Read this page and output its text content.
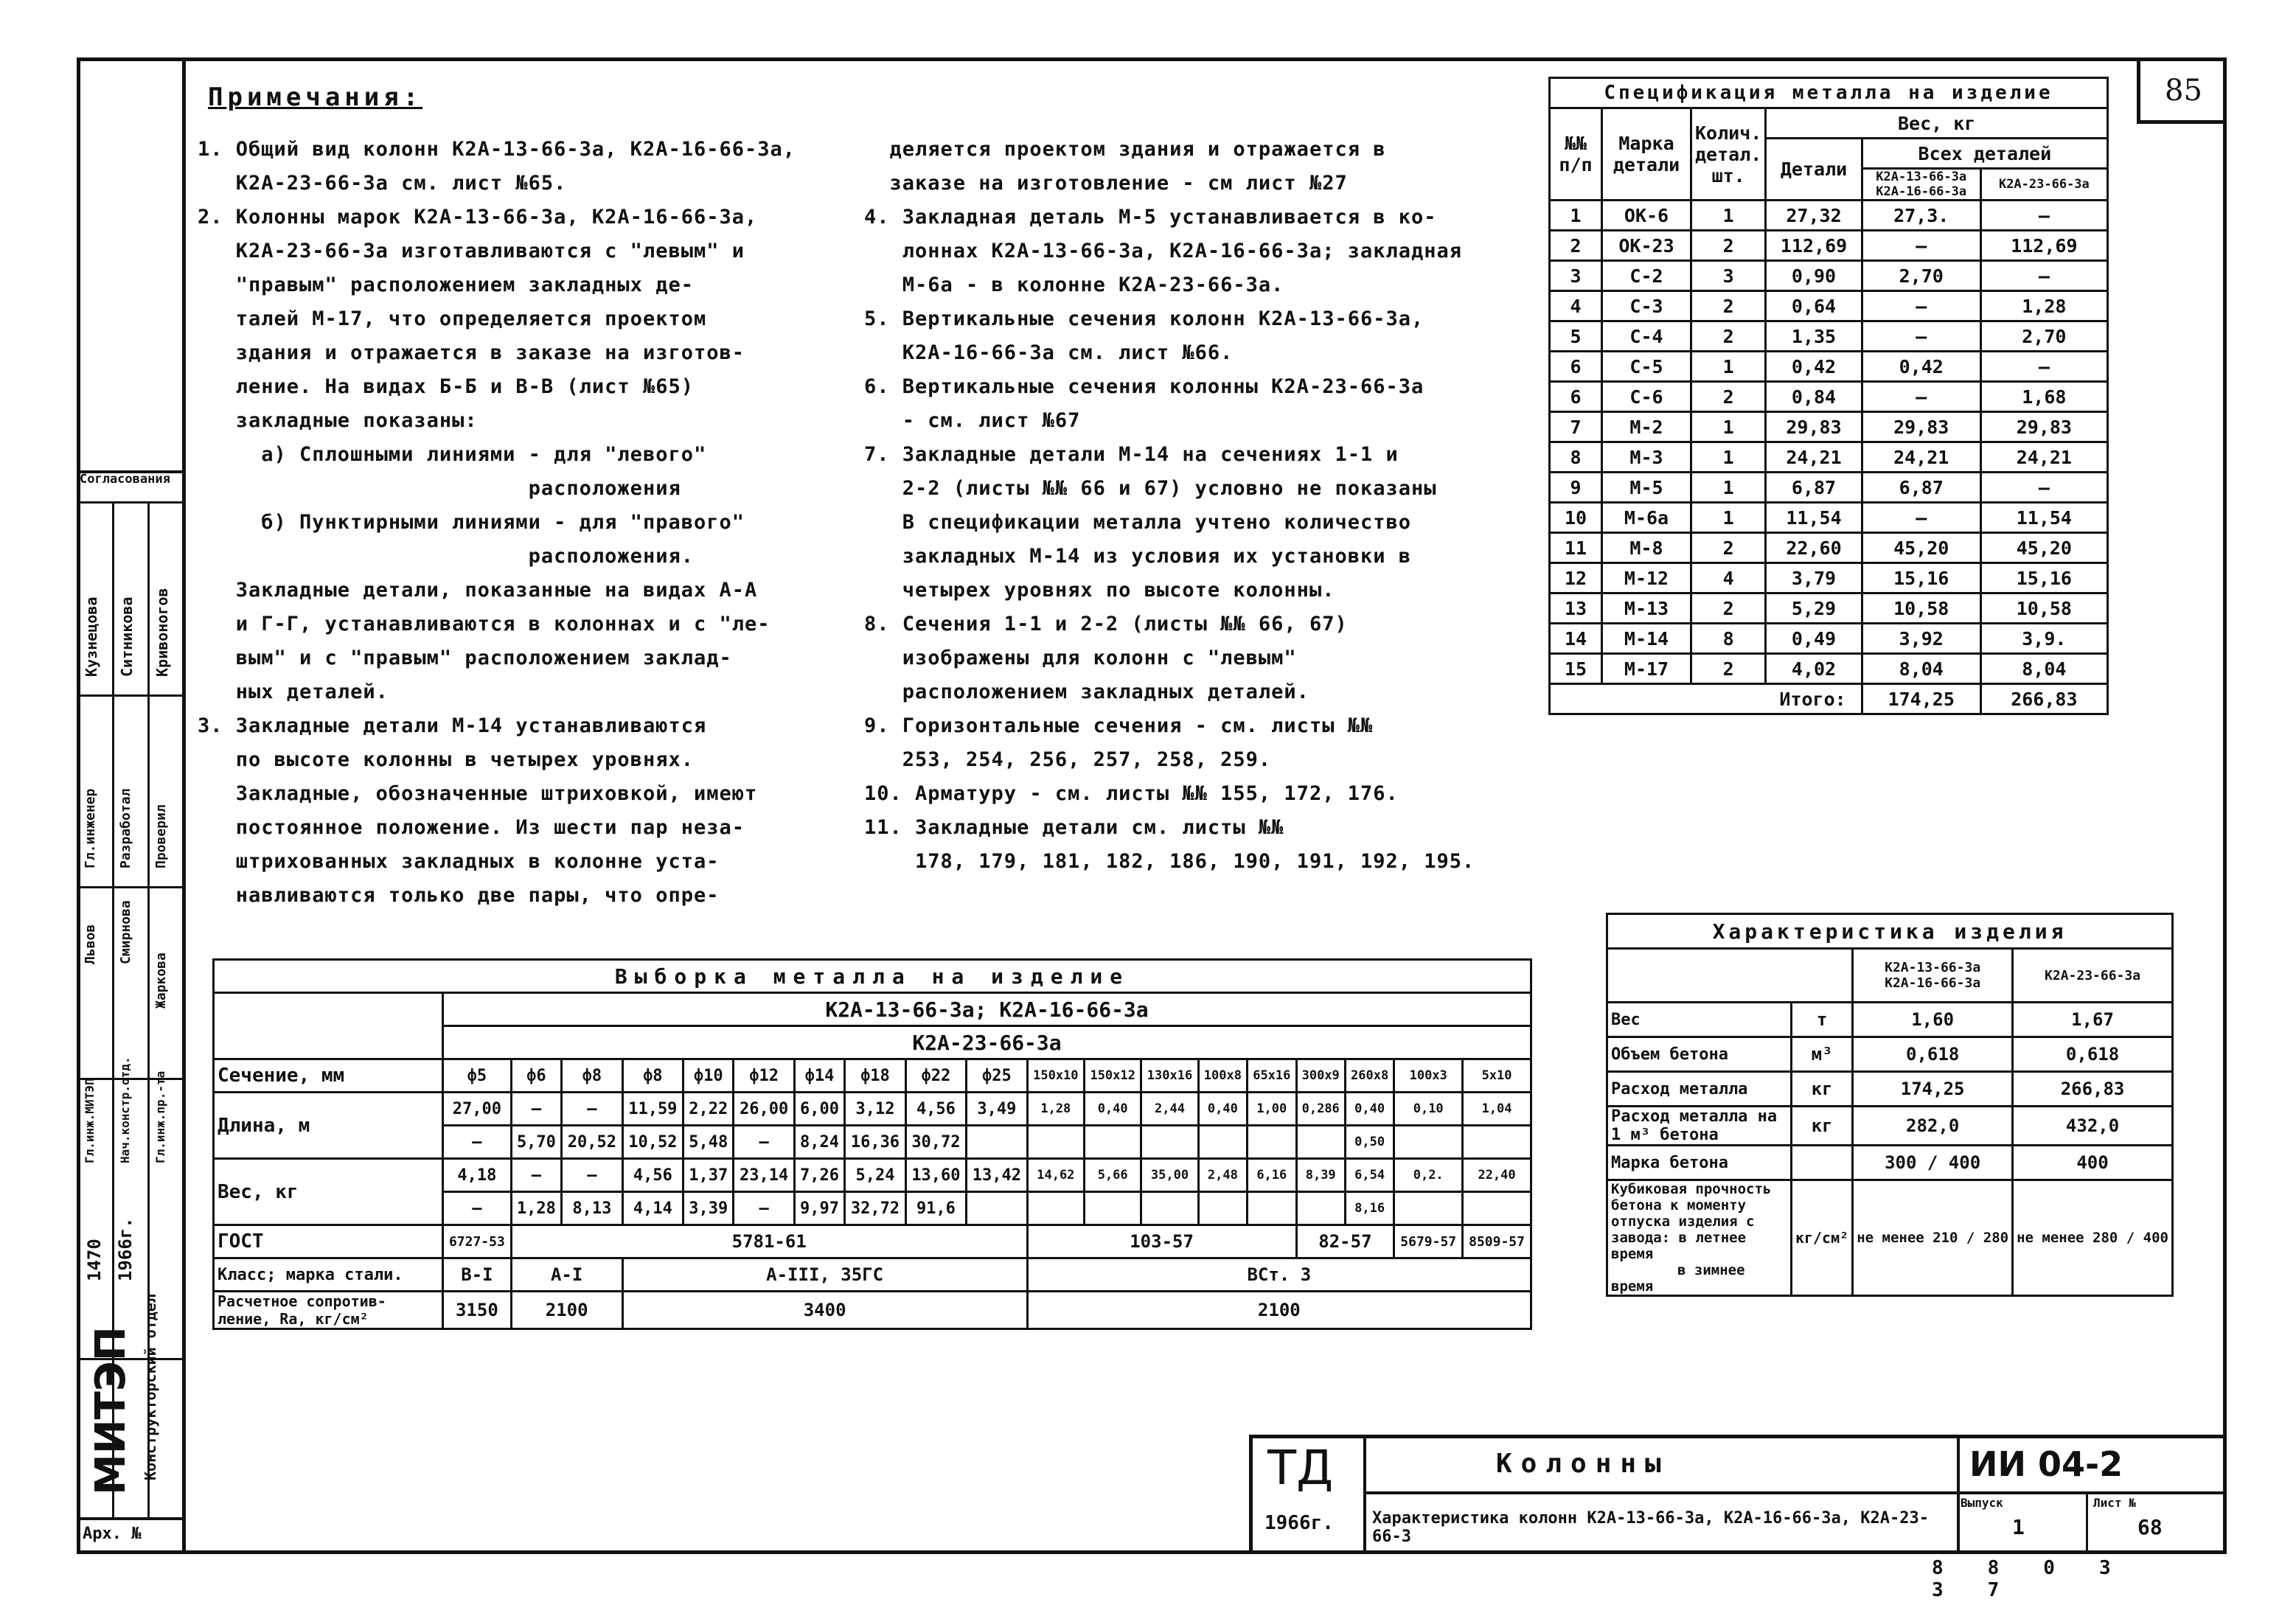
85
Согласования
Кузнецова Ситникова Кривоногов
Гл.инженер Разработал Проверил
Львов Смирнова
Жаркова
Гл.инж.МИТЭП Нач.констр.отд. Гл.инж.пр.-та
1470 1966г.
МИТЭП Конструкторский отдел
Арх. №
Примечания:
1. Общий вид колонн К2А-13-66-3а, К2А-16-66-3а,
К2А-23-66-3а см. лист №65.
2. Колонны марок К2А-13-66-3а, К2А-16-66-3а,
К2А-23-66-3а изготавливаются с "левым" и
"правым" расположением закладных де-
талей М-17, что определяется проектом
здания и отражается в заказе на изготов-
ление. На видах Б-Б и В-В (лист №65)
закладные показаны:
а) Сплошными линиями - для "левого"
расположения
б) Пунктирными линиями - для "правого"
расположения.
Закладные детали, показанные на видах А-А
и Г-Г, устанавливаются в колоннах и с "ле-
вым" и с "правым" расположением заклад-
ных деталей.
3. Закладные детали М-14 устанавливаются
по высоте колонны в четырех уровнях.
Закладные, обозначенные штриховкой, имеют
постоянное положение. Из шести пар неза-
штрихованных закладных в колонне уста-
навливаются только две пары, что опре-
деляется проектом здания и отражается в
заказе на изготовление - см лист №27
4. Закладная деталь М-5 устанавливается в ко-
лоннах К2А-13-66-3а, К2А-16-66-3а; закладная
М-6а - в колонне К2А-23-66-3а.
5. Вертикальные сечения колонн К2А-13-66-3а,
К2А-16-66-3а см. лист №66.
6. Вертикальные сечения колонны К2А-23-66-3а
- см. лист №67
7. Закладные детали М-14 на сечениях 1-1 и
2-2 (листы №№ 66 и 67) условно не показаны
В спецификации металла учтено количество
закладных М-14 из условия их установки в
четырех уровнях по высоте колонны.
8. Сечения 1-1 и 2-2 (листы №№ 66, 67)
изображены для колонн с "левым"
расположением закладных деталей.
9. Горизонтальные сечения - см. листы №№
253, 254, 256, 257, 258, 259.
10. Арматуру - см. листы №№ 155, 172, 176.
11. Закладные детали см. листы №№
178, 179, 181, 182, 186, 190, 191, 192, 195.
Спецификация металла на изделие					
№№ п/п	Марка детали	Колич. детал. шт.	Вес, кг		
			Детали	Всех деталей	
				К2А-13-66-3а К2А-16-66-3а	К2А-23-66-3а
1	ОК-6	1	27,32	27,3.	—
2	ОК-23	2	112,69	—	112,69
3	С-2	3	0,90	2,70	—
4	С-3	2	0,64	—	1,28
5	С-4	2	1,35	—	2,70
6	С-5	1	0,42	0,42	—
6	С-6	2	0,84	—	1,68
7	М-2	1	29,83	29,83	29,83
8	М-3	1	24,21	24,21	24,21
9	М-5	1	6,87	6,87	—
10	М-6а	1	11,54	—	11,54
11	М-8	2	22,60	45,20	45,20
12	М-12	4	3,79	15,16	15,16
13	М-13	2	5,29	10,58	10,58
14	М-14	8	0,49	3,92	3,9.
15	М-17	2	4,02	8,04	8,04
Итого:				174,25	266,83
Характеристика изделия			
		К2А-13-66-3а К2А-16-66-3а	К2А-23-66-3а
Вес	т	1,60	1,67
Объем бетона	м³	0,618	0,618
Расход металла	кг	174,25	266,83
Расход металла на 1 м³ бетона	кг	282,0	432,0
Марка бетона		300 / 400	400
Кубиковая прочность бетона к моменту отпуска изделия с завода: в летнее время
в зимнее время	кг/см²	не менее 210 / 280	не менее 280 / 400
Выборка металла на изделие																			
	К2А-13-66-3а; К2А-16-66-3а																		
	К2А-23-66-3а																		
Сечение, мм	ф5	ф6	ф8	ф8	ф10	ф12	ф14	ф18	ф22	ф25	150х10	150х12	130х16	100х8	65х16	300х9	260х8	100х3	5х10
Длина, м	27,00	—	—	11,59	2,22	26,00	6,00	3,12	4,56	3,49	1,28	0,40	2,44	0,40	1,00	0,286	0,40	0,10	1,04
	—	5,70	20,52	10,52	5,48	—	8,24	16,36	30,72								0,50		
Вес, кг	4,18	—	—	4,56	1,37	23,14	7,26	5,24	13,60	13,42	14,62	5,66	35,00	2,48	6,16	8,39	6,54	0,2.	22,40
	—	1,28	8,13	4,14	3,39	—	9,97	32,72	91,6								8,16		
ГОСТ	6727-53	5781-61									103-57					82-57		5679-57	8509-57
Класс; марка стали.	В-I	А-I		А-III, 35ГС							ВСт. 3								
Расчетное сопротив- ление, Rа, кг/см²	3150	2100		3400							2100								
ТД
1966г.
Колонны
Характеристика колонн К2А-13-66-3а, К2А-16-66-3а, К2А-23-66-3
ИИ 04-2
Выпуск	Лист №
1	68
8803 37
